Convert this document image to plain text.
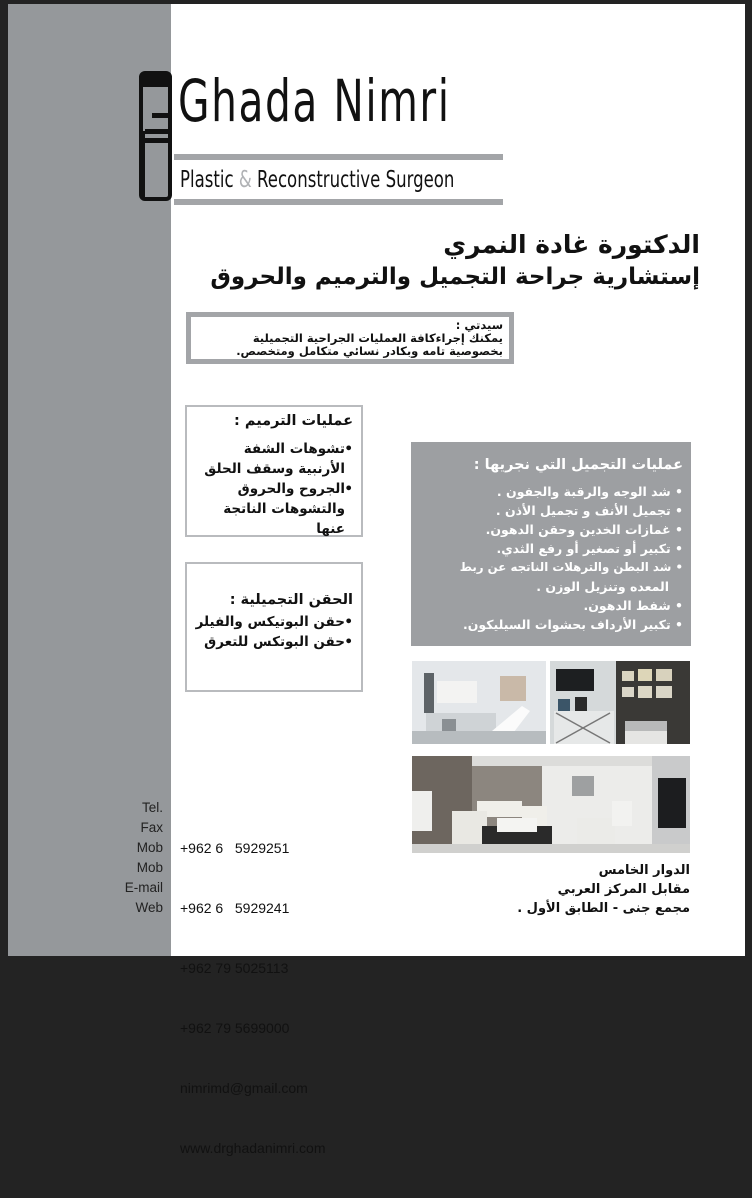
Ghada Nimri
Plastic & Reconstructive Surgeon
الدكتورة غادة النمري
إستشارية جراحة التجميل والترميم والحروق
سيدتي :
يمكنك إجراءكافة العمليات الجراحية التجميلية
بخصوصية تامه وبكادر نسائي متكامل ومتخصص.
عمليات الترميم :
•تشوهات الشفة
الأرنبية وسقف الحلق
•الجروح والحروق
والتشوهات الناتجة
عنها
الحقن التجميلية :
•حقن البوتيكس والفيلر
•حقن البوتكس للتعرق
عمليات التجميل التي نجريها :
• شد الوجه والرقبة والجفون .
• تجميل الأنف و تجميل الأذن .
• غمازات الخدين وحقن الدهون.
• تكبير أو تصغير أو رفع الثدي.
• شد البطن والترهلات الناتجه عن ربط
المعده وتنزيل الوزن .
• شفط الدهون.
• تكبير الأرداف بحشوات السيليكون.
Tel.
Fax
Mob
Mob
E-mail
Web

+962 6   5929251

+962 6   5929241

+962 79 5025113

+962 79 5699000

nimrimd@gmail.com

www.drghadanimri.com

الدوار الخامس
مقابل المركز العربي
مجمع جنى - الطابق الأول .
